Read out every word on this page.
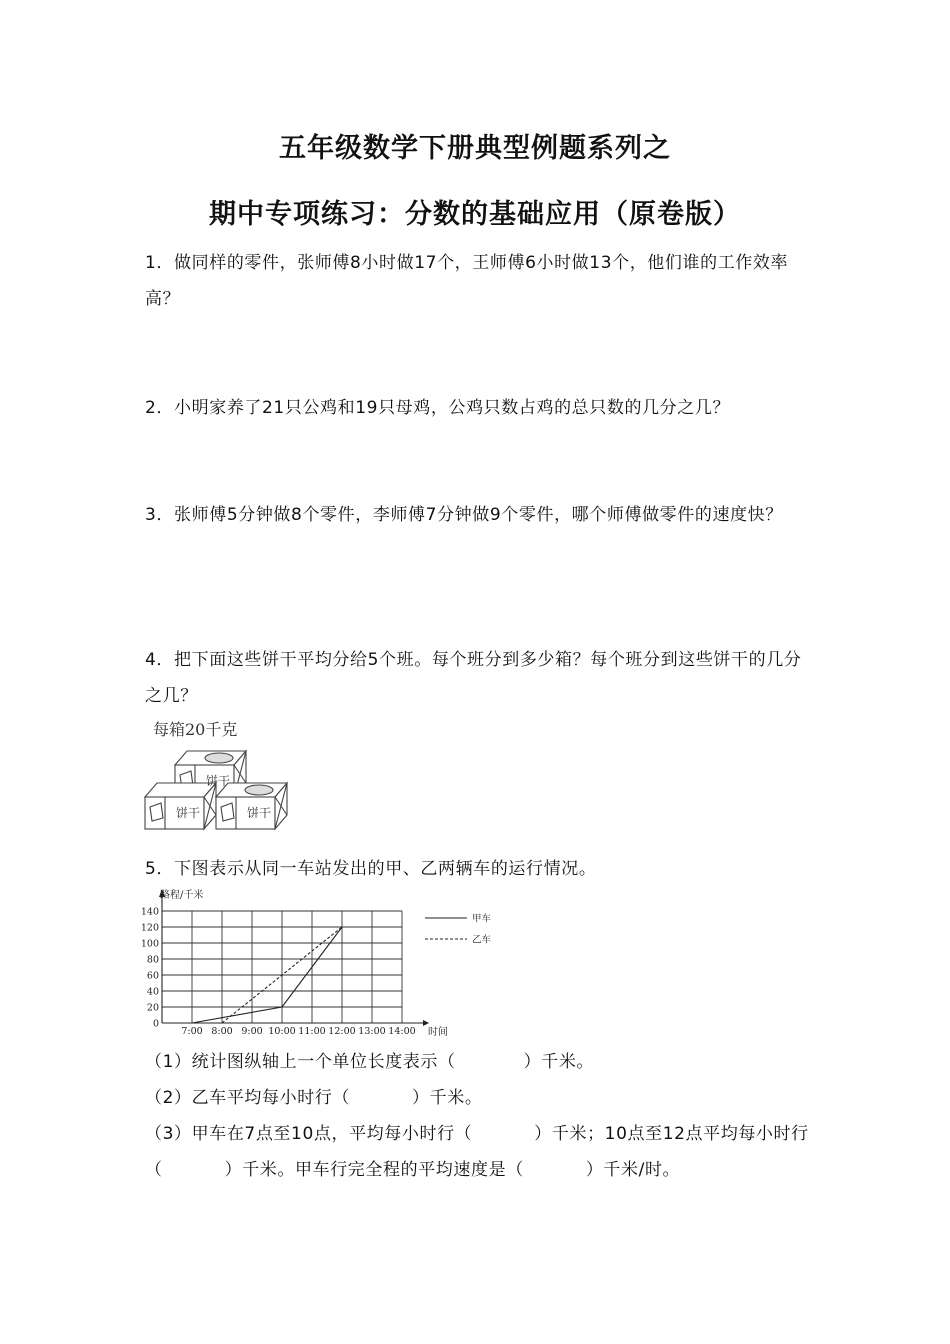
五年级数学下册典型例题系列之
期中专项练习：分数的基础应用（原卷版）
1．做同样的零件，张师傅8小时做17个，王师傅6小时做13个，他们谁的工作效率高？
2．小明家养了21只公鸡和19只母鸡，公鸡只数占鸡的总只数的几分之几？
3．张师傅5分钟做8个零件，李师傅7分钟做9个零件，哪个师傅做零件的速度快？
4．把下面这些饼干平均分给5个班。每个班分到多少箱？每个班分到这些饼干的几分之几？
每箱20千克
饼干
饼干	饼干
5．下图表示从同一车站发出的甲、乙两辆车的运行情况。
0
20
40
60
80
100
120
140
7:00 8:00 9:00 10:00 11:00 12:00 13:00 14:00
路程/千米
时间
甲车
乙车
（1）统计图纵轴上一个单位长度表示（	）千米。
（2）乙车平均每小时行（	）千米。
（3）甲车在7点至10点，平均每小时行（	）千米；10点至12点平均每小时行（	）千米。甲车行完全程的平均速度是（	）千米/时。
